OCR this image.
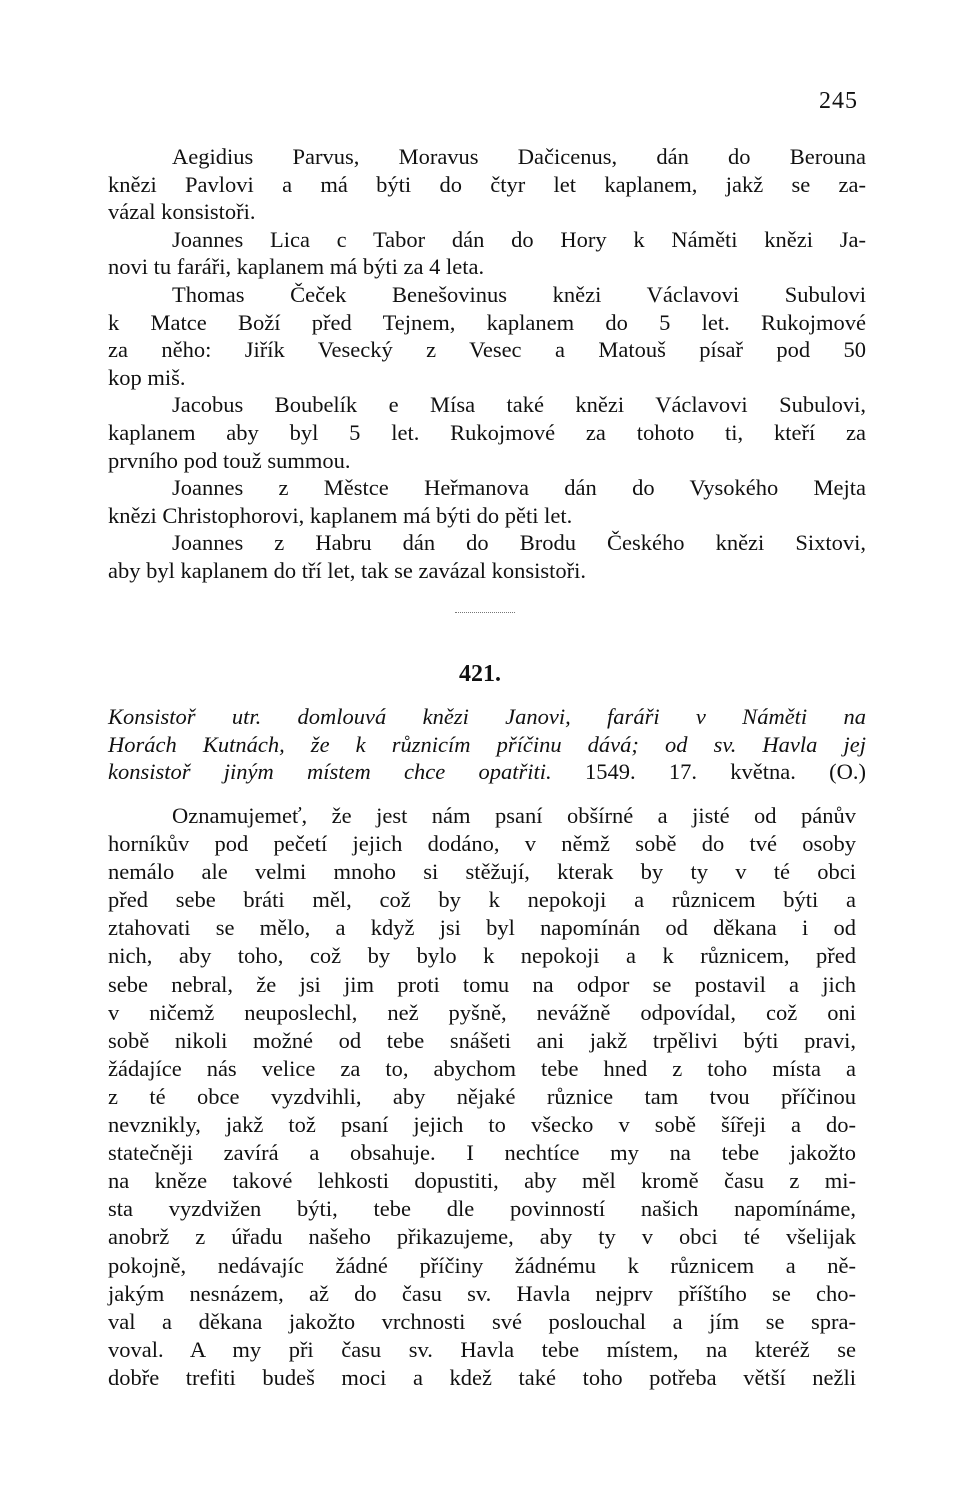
245
Aegidius Parvus, Moravus Dačicenus, dán do Berouna
knězi Pavlovi a má býti do čtyr let kaplanem, jakž se za-
vázal konsistoři.
Joannes Lica c Tabor dán do Hory k Náměti knězi Ja-
novi tu faráři, kaplanem má býti za 4 leta.
Thomas Čeček Benešovinus knězi Václavovi Subulovi
k Matce Boží před Tejnem, kaplanem do 5 let. Rukojmové
za něho: Jiřík Vesecký z Vesec a Matouš písař pod 50
kop miš.
Jacobus Boubelík e Mísa také knězi Václavovi Subulovi,
kaplanem aby byl 5 let. Rukojmové za tohoto ti, kteří za
prvního pod touž summou.
Joannes z Městce Heřmanova dán do Vysokého Mejta
knězi Christophorovi, kaplanem má býti do pěti let.
Joannes z Habru dán do Brodu Českého knězi Sixtovi,
aby byl kaplanem do tří let, tak se zavázal konsistoři.
421.
Konsistoř utr. domlouvá knězi Janovi, faráři v Náměti na
Horách Kutnách, že k různicím příčinu dává; od sv. Havla jej
konsistoř jiným místem chce opatřiti. 1549. 17. května. (O.)
Oznamujemeť, že jest nám psaní obšírné a jisté od pánův
horníkův pod pečetí jejich dodáno, v němž sobě do tvé osoby
nemálo ale velmi mnoho si stěžují, kterak by ty v té obci
před sebe bráti měl, což by k nepokoji a různicem býti a
ztahovati se mělo, a když jsi byl napomínán od děkana i od
nich, aby toho, což by bylo k nepokoji a k různicem, před
sebe nebral, že jsi jim proti tomu na odpor se postavil a jich
v ničemž neuposlechl, než pyšně, nevážně odpovídal, což oni
sobě nikoli možné od tebe snášeti ani jakž trpělivi býti pravi,
žádajíce nás velice za to, abychom tebe hned z toho místa a
z té obce vyzdvihli, aby nějaké různice tam tvou příčinou
nevznikly, jakž tož psaní jejich to všecko v sobě šířeji a do-
statečněji zavírá a obsahuje. I nechtíce my na tebe jakožto
na kněze takové lehkosti dopustiti, aby měl kromě času z mi-
sta vyzdvižen býti, tebe dle povinností našich napomínáme,
anobrž z úřadu našeho přikazujeme, aby ty v obci té všelijak
pokojně, nedávajíc žádné příčiny žádnému k různicem a ně-
jakým nesnázem, až do času sv. Havla nejprv příštího se cho-
val a děkana jakožto vrchnosti své poslouchal a jím se spra-
voval. A my při času sv. Havla tebe místem, na kteréž se
dobře trefiti budeš moci a kdež také toho potřeba větší nežli
